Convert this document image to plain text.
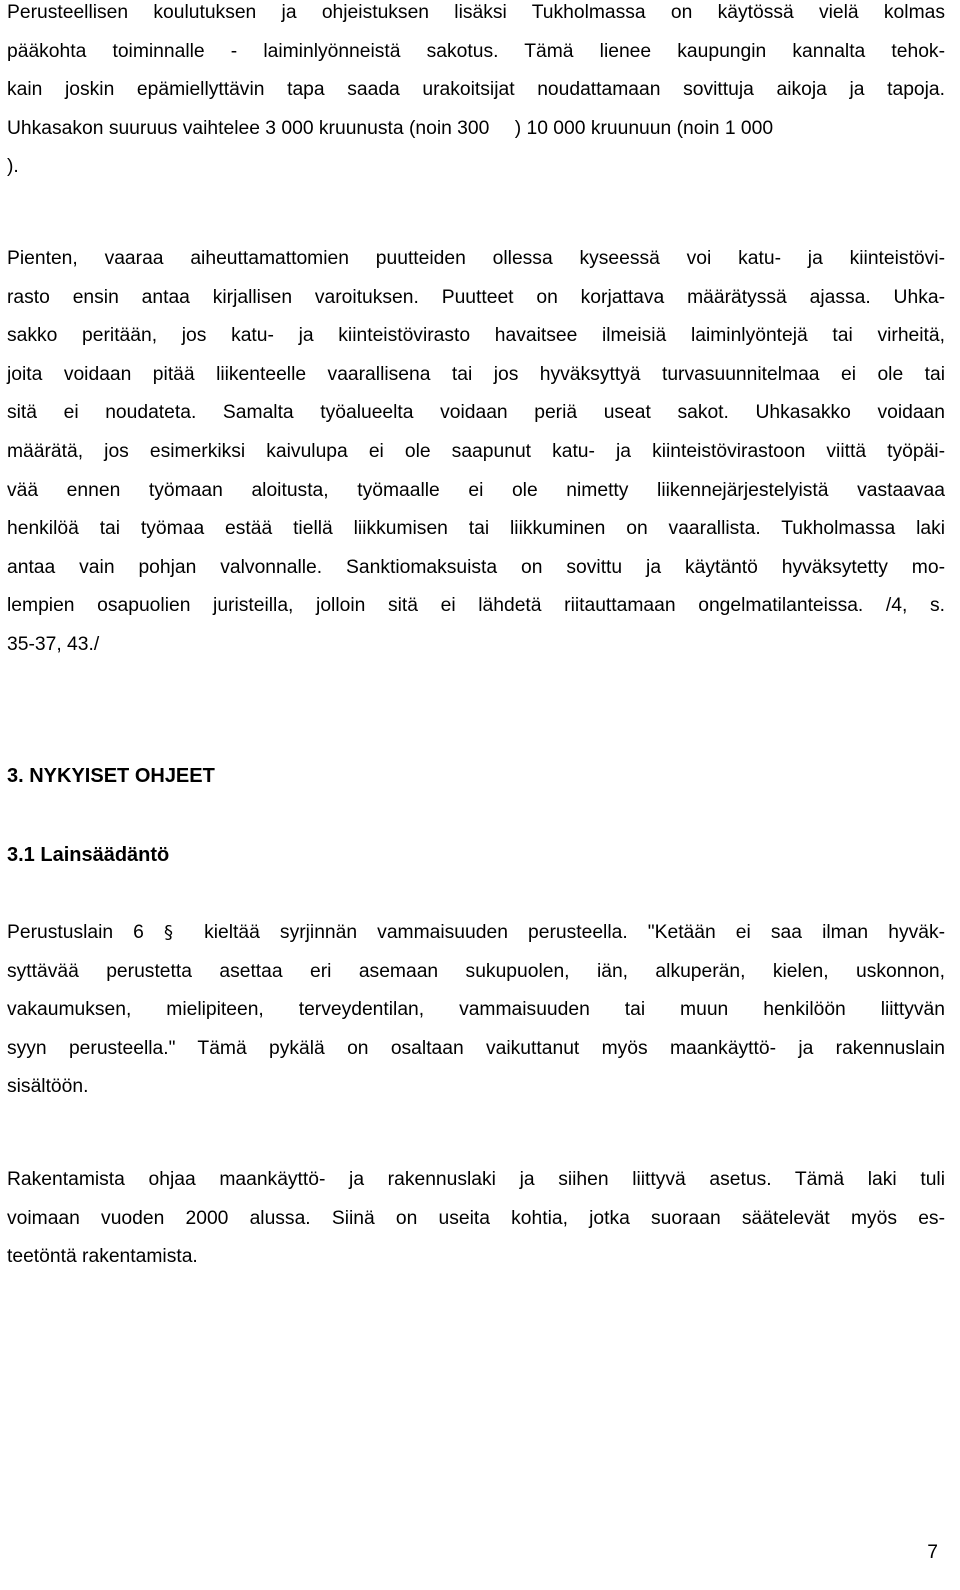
Perusteellisen koulutuksen ja ohjeistuksen lisäksi Tukholmassa on käytössä vielä kolmas
pääkohta toiminnalle - laiminlyönneistä sakotus. Tämä lienee kaupungin kannalta tehok-
kain joskin epämiellyttävin tapa saada urakoitsijat noudattamaan sovittuja aikoja ja tapoja.
Uhkasakon suuruus vaihtelee 3 000 kruunusta (noin 300 ) 10 000 kruunuun (noin 1 000
).
Pienten, vaaraa aiheuttamattomien puutteiden ollessa kyseessä voi katu- ja kiinteistövi-
rasto ensin antaa kirjallisen varoituksen. Puutteet on korjattava määrätyssä ajassa. Uhka-
sakko peritään, jos katu- ja kiinteistövirasto havaitsee ilmeisiä laiminlyöntejä tai virheitä,
joita voidaan pitää liikenteelle vaarallisena tai jos hyväksyttyä turvasuunnitelmaa ei ole tai
sitä ei noudateta. Samalta työalueelta voidaan periä useat sakot. Uhkasakko voidaan
määrätä, jos esimerkiksi kaivulupa ei ole saapunut katu- ja kiinteistövirastoon viittä työpäi-
vää ennen työmaan aloitusta, työmaalle ei ole nimetty liikennejärjestelyistä vastaavaa
henkilöä tai työmaa estää tiellä liikkumisen tai liikkuminen on vaarallista. Tukholmassa laki
antaa vain pohjan valvonnalle. Sanktiomaksuista on sovittu ja käytäntö hyväksytetty mo-
lempien osapuolien juristeilla, jolloin sitä ei lähdetä riitauttamaan ongelmatilanteissa. /4, s.
35-37, 43./
3. NYKYISET OHJEET
3.1 Lainsäädäntö
Perustuslain 6 § kieltää syrjinnän vammaisuuden perusteella. "Ketään ei saa ilman hyväk-
syttävää perustetta asettaa eri asemaan sukupuolen, iän, alkuperän, kielen, uskonnon,
vakaumuksen, mielipiteen, terveydentilan, vammaisuuden tai muun henkilöön liittyvän
syyn perusteella." Tämä pykälä on osaltaan vaikuttanut myös maankäyttö- ja rakennuslain
sisältöön.
Rakentamista ohjaa maankäyttö- ja rakennuslaki ja siihen liittyvä asetus. Tämä laki tuli
voimaan vuoden 2000 alussa. Siinä on useita kohtia, jotka suoraan säätelevät myös es-
teetöntä rakentamista.

7
